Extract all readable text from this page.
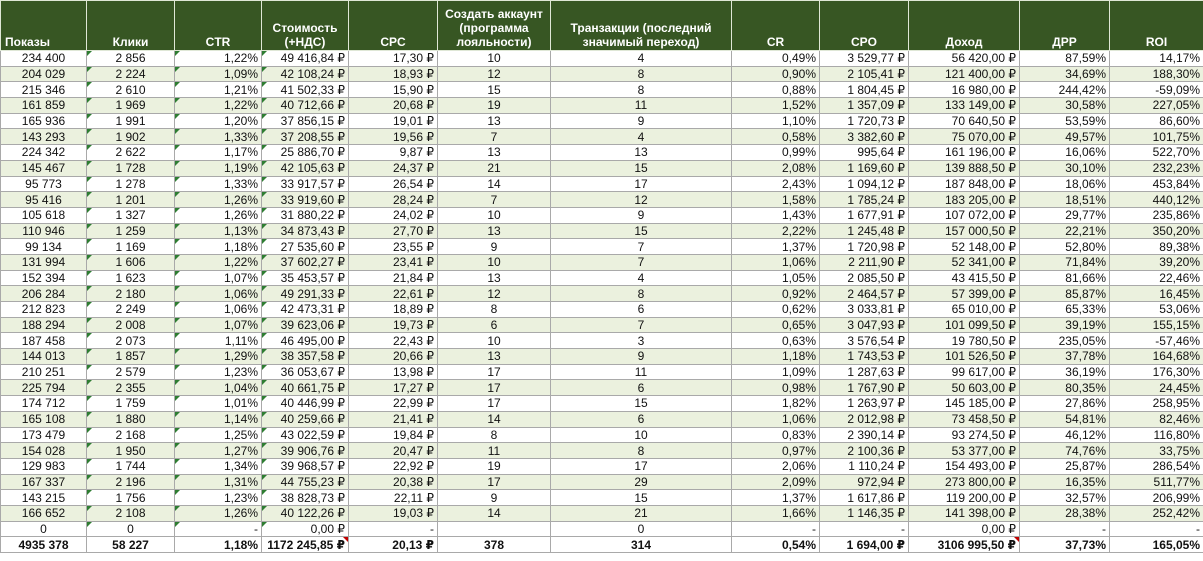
Показы	Клики	CTR	Стоимость (+НДС)	CPC	Создать аккаунт (программа лояльности)	Транзакции (последний значимый переход)	CR	CPO	Доход	ДРР	ROI
234 400	2 856	1,22%	49 416,84 ₽	17,30 ₽	10	4	0,49%	3 529,77 ₽	56 420,00 ₽	87,59%	14,17%
204 029	2 224	1,09%	42 108,24 ₽	18,93 ₽	12	8	0,90%	2 105,41 ₽	121 400,00 ₽	34,69%	188,30%
215 346	2 610	1,21%	41 502,33 ₽	15,90 ₽	15	8	0,88%	1 804,45 ₽	16 980,00 ₽	244,42%	-59,09%
161 859	1 969	1,22%	40 712,66 ₽	20,68 ₽	19	11	1,52%	1 357,09 ₽	133 149,00 ₽	30,58%	227,05%
165 936	1 991	1,20%	37 856,15 ₽	19,01 ₽	13	9	1,10%	1 720,73 ₽	70 640,50 ₽	53,59%	86,60%
143 293	1 902	1,33%	37 208,55 ₽	19,56 ₽	7	4	0,58%	3 382,60 ₽	75 070,00 ₽	49,57%	101,75%
224 342	2 622	1,17%	25 886,70 ₽	9,87 ₽	13	13	0,99%	995,64 ₽	161 196,00 ₽	16,06%	522,70%
145 467	1 728	1,19%	42 105,63 ₽	24,37 ₽	21	15	2,08%	1 169,60 ₽	139 888,50 ₽	30,10%	232,23%
95 773	1 278	1,33%	33 917,57 ₽	26,54 ₽	14	17	2,43%	1 094,12 ₽	187 848,00 ₽	18,06%	453,84%
95 416	1 201	1,26%	33 919,60 ₽	28,24 ₽	7	12	1,58%	1 785,24 ₽	183 205,00 ₽	18,51%	440,12%
105 618	1 327	1,26%	31 880,22 ₽	24,02 ₽	10	9	1,43%	1 677,91 ₽	107 072,00 ₽	29,77%	235,86%
110 946	1 259	1,13%	34 873,43 ₽	27,70 ₽	13	15	2,22%	1 245,48 ₽	157 000,50 ₽	22,21%	350,20%
99 134	1 169	1,18%	27 535,60 ₽	23,55 ₽	9	7	1,37%	1 720,98 ₽	52 148,00 ₽	52,80%	89,38%
131 994	1 606	1,22%	37 602,27 ₽	23,41 ₽	10	7	1,06%	2 211,90 ₽	52 341,00 ₽	71,84%	39,20%
152 394	1 623	1,07%	35 453,57 ₽	21,84 ₽	13	4	1,05%	2 085,50 ₽	43 415,50 ₽	81,66%	22,46%
206 284	2 180	1,06%	49 291,33 ₽	22,61 ₽	12	8	0,92%	2 464,57 ₽	57 399,00 ₽	85,87%	16,45%
212 823	2 249	1,06%	42 473,31 ₽	18,89 ₽	8	6	0,62%	3 033,81 ₽	65 010,00 ₽	65,33%	53,06%
188 294	2 008	1,07%	39 623,06 ₽	19,73 ₽	6	7	0,65%	3 047,93 ₽	101 099,50 ₽	39,19%	155,15%
187 458	2 073	1,11%	46 495,00 ₽	22,43 ₽	10	3	0,63%	3 576,54 ₽	19 780,50 ₽	235,05%	-57,46%
144 013	1 857	1,29%	38 357,58 ₽	20,66 ₽	13	9	1,18%	1 743,53 ₽	101 526,50 ₽	37,78%	164,68%
210 251	2 579	1,23%	36 053,67 ₽	13,98 ₽	17	11	1,09%	1 287,63 ₽	99 617,00 ₽	36,19%	176,30%
225 794	2 355	1,04%	40 661,75 ₽	17,27 ₽	17	6	0,98%	1 767,90 ₽	50 603,00 ₽	80,35%	24,45%
174 712	1 759	1,01%	40 446,99 ₽	22,99 ₽	17	15	1,82%	1 263,97 ₽	145 185,00 ₽	27,86%	258,95%
165 108	1 880	1,14%	40 259,66 ₽	21,41 ₽	14	6	1,06%	2 012,98 ₽	73 458,50 ₽	54,81%	82,46%
173 479	2 168	1,25%	43 022,59 ₽	19,84 ₽	8	10	0,83%	2 390,14 ₽	93 274,50 ₽	46,12%	116,80%
154 028	1 950	1,27%	39 906,76 ₽	20,47 ₽	11	8	0,97%	2 100,36 ₽	53 377,00 ₽	74,76%	33,75%
129 983	1 744	1,34%	39 968,57 ₽	22,92 ₽	19	17	2,06%	1 110,24 ₽	154 493,00 ₽	25,87%	286,54%
167 337	2 196	1,31%	44 755,23 ₽	20,38 ₽	17	29	2,09%	972,94 ₽	273 800,00 ₽	16,35%	511,77%
143 215	1 756	1,23%	38 828,73 ₽	22,11 ₽	9	15	1,37%	1 617,86 ₽	119 200,00 ₽	32,57%	206,99%
166 652	2 108	1,26%	40 122,26 ₽	19,03 ₽	14	21	1,66%	1 146,35 ₽	141 398,00 ₽	28,38%	252,42%
0	0	-	0,00 ₽	-		0	-	-	0,00 ₽	-	-
4935 378	58 227	1,18%	1172 245,85 ₽	20,13 ₽	378	314	0,54%	1 694,00 ₽	3106 995,50 ₽	37,73%	165,05%
